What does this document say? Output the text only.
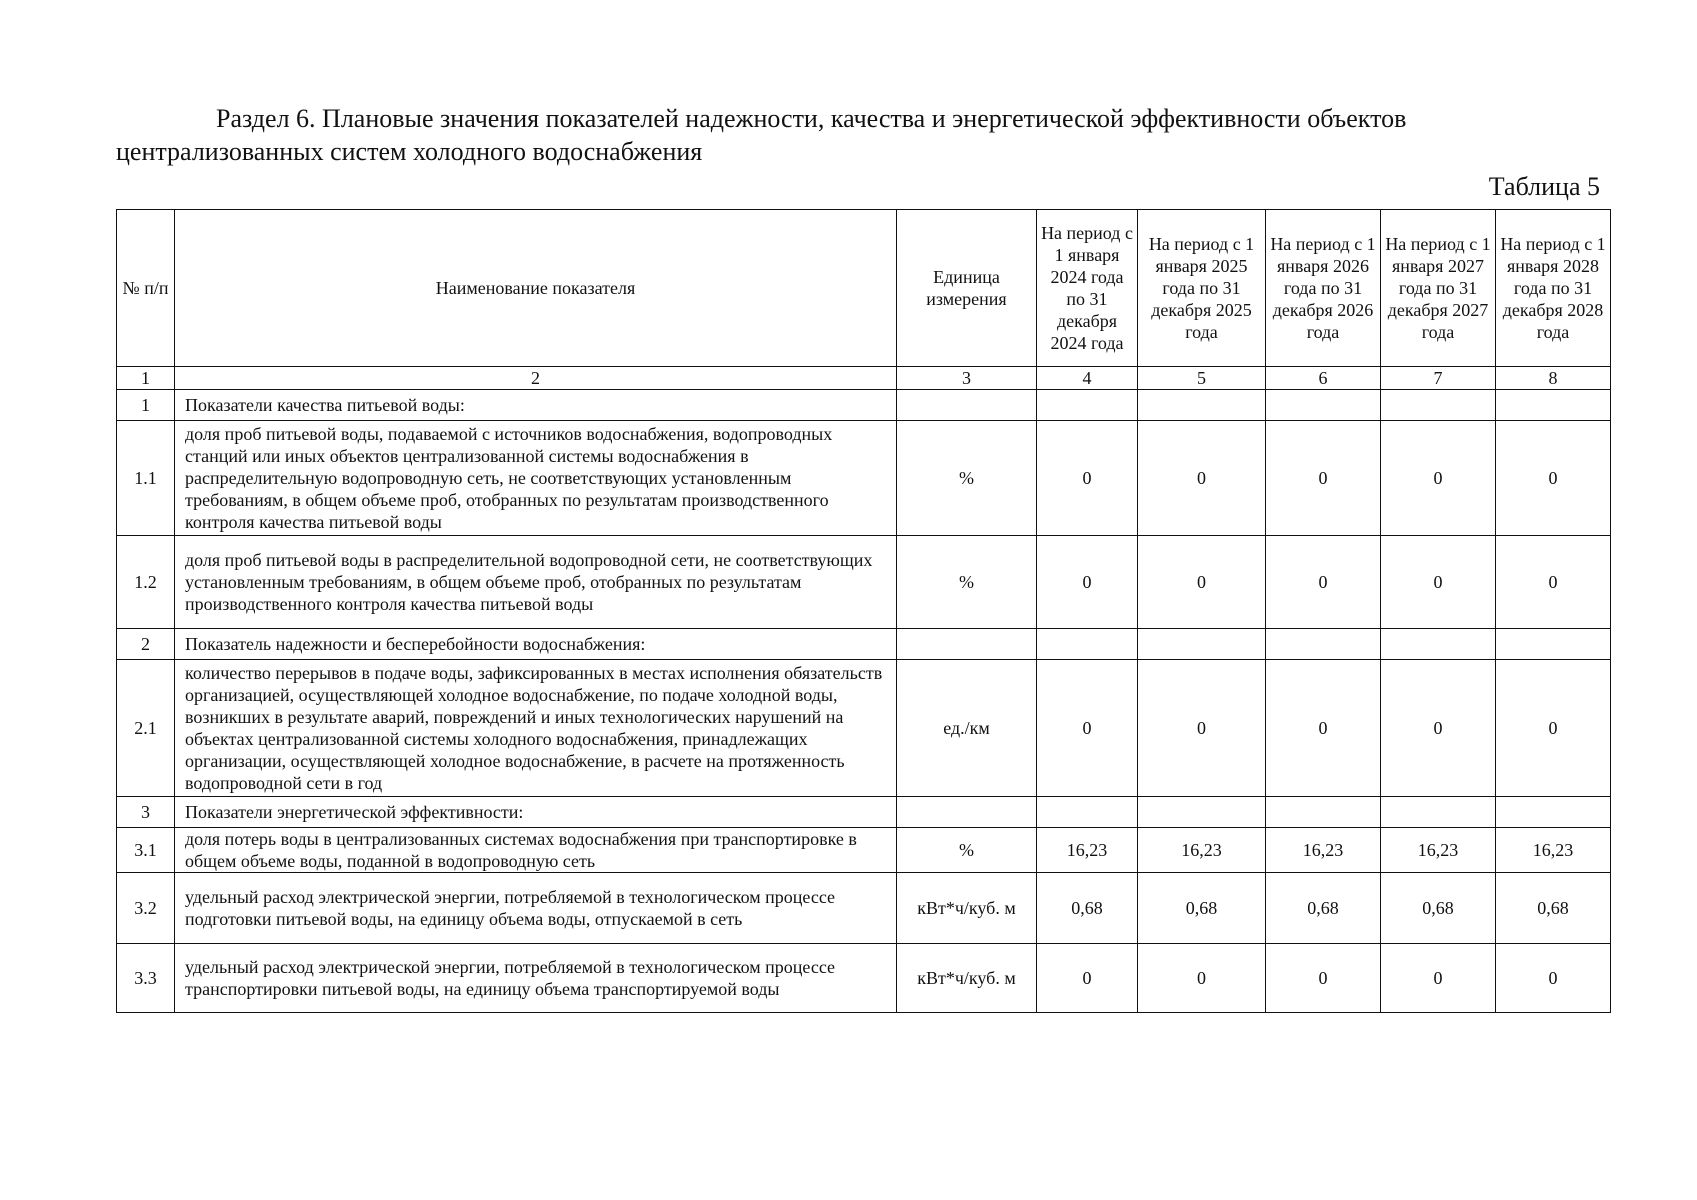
Раздел 6. Плановые значения показателей надежности, качества и энергетической эффективности объектов централизованных систем холодного водоснабжения

Таблица 5

№ п/п	Наименование показателя	Единица измерения	На период с 1 января 2024 года по 31 декабря 2024 года	На период с 1 января 2025 года по 31 декабря 2025 года	На период с 1 января 2026 года по 31 декабря 2026 года	На период с 1 января 2027 года по 31 декабря 2027 года	На период с 1 января 2028 года по 31 декабря 2028 года
1	2	3	4	5	6	7	8
1	Показатели качества питьевой воды:						
1.1	доля проб питьевой воды, подаваемой с источников водоснабжения, водопроводных станций или иных объектов централизованной системы водоснабжения в распределительную водопроводную сеть, не соответствующих установленным требованиям, в общем объеме проб, отобранных по результатам производственного контроля качества питьевой воды	%	0	0	0	0	0
1.2	доля проб питьевой воды в распределительной водопроводной сети, не соответствующих установленным требованиям, в общем объеме проб, отобранных по результатам производственного контроля качества питьевой воды	%	0	0	0	0	0
2	Показатель надежности и бесперебойности водоснабжения:						
2.1	количество перерывов в подаче воды, зафиксированных в местах исполнения обязательств организацией, осуществляющей холодное водоснабжение, по подаче холодной воды, возникших в результате аварий, повреждений и иных технологических нарушений на объектах централизованной системы холодного водоснабжения, принадлежащих организации, осуществляющей холодное водоснабжение, в расчете на протяженность водопроводной сети в год	ед./км	0	0	0	0	0
3	Показатели энергетической эффективности:						
3.1	доля потерь воды в централизованных системах водоснабжения при транспортировке в общем объеме воды, поданной в водопроводную сеть	%	16,23	16,23	16,23	16,23	16,23
3.2	удельный расход электрической энергии, потребляемой в технологическом процессе подготовки питьевой воды, на единицу объема воды, отпускаемой в сеть	кВт*ч/куб. м	0,68	0,68	0,68	0,68	0,68
3.3	удельный расход электрической энергии, потребляемой в технологическом процессе транспортировки питьевой воды, на единицу объема транспортируемой воды	кВт*ч/куб. м	0	0	0	0	0
